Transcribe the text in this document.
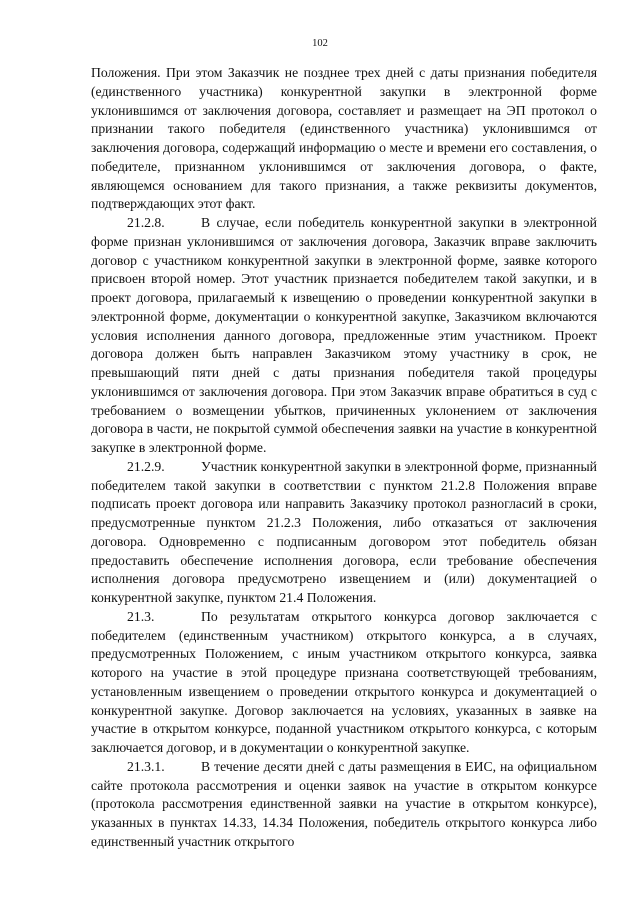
102

Положения. При этом Заказчик не позднее трех дней с даты признания победителя (единственного участника) конкурентной закупки в электронной форме уклонившимся от заключения договора, составляет и размещает на ЭП протокол о признании такого победителя (единственного участника) уклонившимся от заключения договора, содержащий информацию о месте и времени его составления, о победителе, признанном уклонившимся от заключения договора, о факте, являющемся основанием для такого признания, а также реквизиты документов, подтверждающих этот факт.

21.2.8.	В случае, если победитель конкурентной закупки в электронной форме признан уклонившимся от заключения договора, Заказчик вправе заключить договор с участником конкурентной закупки в электронной форме, заявке которого присвоен второй номер. Этот участник признается победителем такой закупки, и в проект договора, прилагаемый к извещению о проведении конкурентной закупки в электронной форме, документации о конкурентной закупке, Заказчиком включаются условия исполнения данного договора, предложенные этим участником. Проект договора должен быть направлен Заказчиком этому участнику в срок, не превышающий пяти дней с даты признания победителя такой процедуры уклонившимся от заключения договора. При этом Заказчик вправе обратиться в суд с требованием о возмещении убытков, причиненных уклонением от заключения договора в части, не покрытой суммой обеспечения заявки на участие в конкурентной закупке в электронной форме.

21.2.9.	Участник конкурентной закупки в электронной форме, признанный победителем такой закупки в соответствии с пунктом 21.2.8 Положения вправе подписать проект договора или направить Заказчику протокол разногласий в сроки, предусмотренные пунктом 21.2.3 Положения, либо отказаться от заключения договора. Одновременно с подписанным договором этот победитель обязан предоставить обеспечение исполнения договора, если требование обеспечения исполнения договора предусмотрено извещением и (или) документацией о конкурентной закупке, пунктом 21.4 Положения.

21.3.	По результатам открытого конкурса договор заключается с победителем (единственным участником) открытого конкурса, а в случаях, предусмотренных Положением, с иным участником открытого конкурса, заявка которого на участие в этой процедуре признана соответствующей требованиям, установленным извещением о проведении открытого конкурса и документацией о конкурентной закупке. Договор заключается на условиях, указанных в заявке на участие в открытом конкурсе, поданной участником открытого конкурса, с которым заключается договор, и в документации о конкурентной закупке.

21.3.1.	В течение десяти дней с даты размещения в ЕИС, на официальном сайте протокола рассмотрения и оценки заявок на участие в открытом конкурсе (протокола рассмотрения единственной заявки на участие в открытом конкурсе), указанных в пунктах 14.33, 14.34 Положения, победитель открытого конкурса либо единственный участник открытого
